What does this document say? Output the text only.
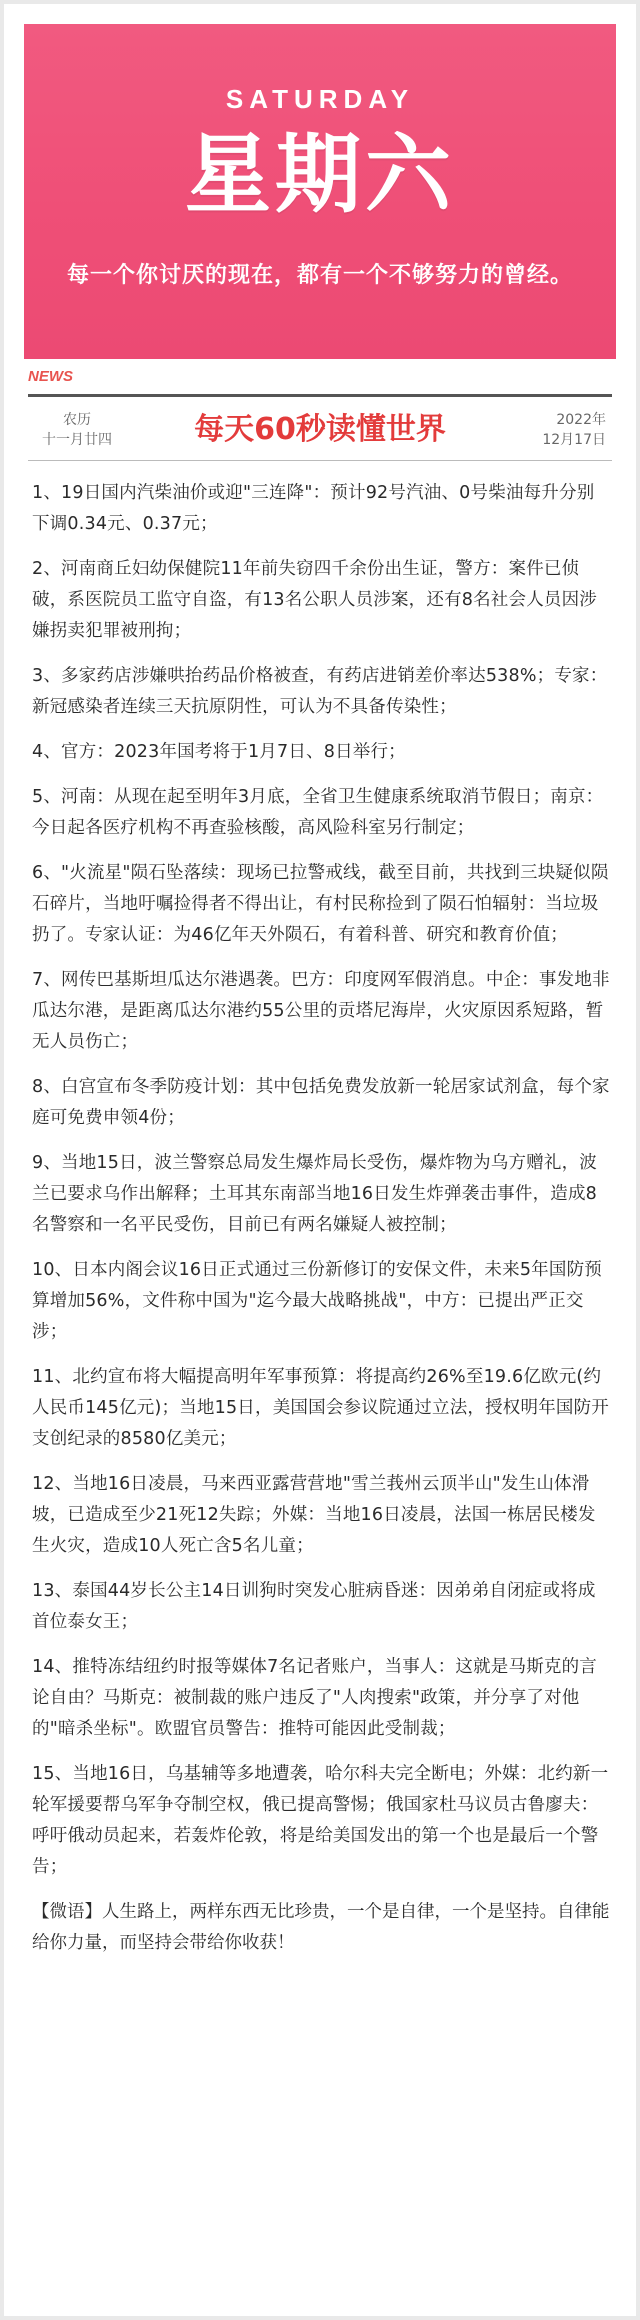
SATURDAY
星期六
每一个你讨厌的现在，都有一个不够努力的曾经。
NEWS
农历
十一月廿四	每天60秒读懂世界	2022年
12月17日

1、19日国内汽柴油价或迎"三连降"：预计92号汽油、0号柴油每升分别下调0.34元、0.37元；

2、河南商丘妇幼保健院11年前失窃四千余份出生证，警方：案件已侦破，系医院员工监守自盗，有13名公职人员涉案，还有8名社会人员因涉嫌拐卖犯罪被刑拘；

3、多家药店涉嫌哄抬药品价格被查，有药店进销差价率达538%；专家：新冠感染者连续三天抗原阴性，可认为不具备传染性；

4、官方：2023年国考将于1月7日、8日举行；

5、河南：从现在起至明年3月底，全省卫生健康系统取消节假日；南京：今日起各医疗机构不再查验核酸，高风险科室另行制定；

6、"火流星"陨石坠落续：现场已拉警戒线，截至目前，共找到三块疑似陨石碎片，当地吁嘱捡得者不得出让，有村民称捡到了陨石怕辐射：当垃圾扔了。专家认证：为46亿年天外陨石，有着科普、研究和教育价值；

7、网传巴基斯坦瓜达尔港遇袭。巴方：印度网军假消息。中企：事发地非瓜达尔港，是距离瓜达尔港约55公里的贡塔尼海岸，火灾原因系短路，暂无人员伤亡；

8、白宫宣布冬季防疫计划：其中包括免费发放新一轮居家试剂盒，每个家庭可免费申领4份；

9、当地15日，波兰警察总局发生爆炸局长受伤，爆炸物为乌方赠礼，波兰已要求乌作出解释；土耳其东南部当地16日发生炸弹袭击事件，造成8名警察和一名平民受伤，目前已有两名嫌疑人被控制；

10、日本内阁会议16日正式通过三份新修订的安保文件，未来5年国防预算增加56%，文件称中国为"迄今最大战略挑战"，中方：已提出严正交涉；

11、北约宣布将大幅提高明年军事预算：将提高约26%至19.6亿欧元(约人民币145亿元)；当地15日，美国国会参议院通过立法，授权明年国防开支创纪录的8580亿美元；

12、当地16日凌晨，马来西亚露营营地"雪兰莪州云顶半山"发生山体滑坡，已造成至少21死12失踪；外媒：当地16日凌晨，法国一栋居民楼发生火灾，造成10人死亡含5名儿童；

13、泰国44岁长公主14日训狗时突发心脏病昏迷：因弟弟自闭症或将成首位泰女王；

14、推特冻结纽约时报等媒体7名记者账户，当事人：这就是马斯克的言论自由？马斯克：被制裁的账户违反了"人肉搜索"政策，并分享了对他的"暗杀坐标"。欧盟官员警告：推特可能因此受制裁；

15、当地16日，乌基辅等多地遭袭，哈尔科夫完全断电；外媒：北约新一轮军援要帮乌军争夺制空权，俄已提高警惕；俄国家杜马议员古鲁廖夫：呼吁俄动员起来，若轰炸伦敦，将是给美国发出的第一个也是最后一个警告；

【微语】人生路上，两样东西无比珍贵，一个是自律，一个是坚持。自律能给你力量，而坚持会带给你收获！
